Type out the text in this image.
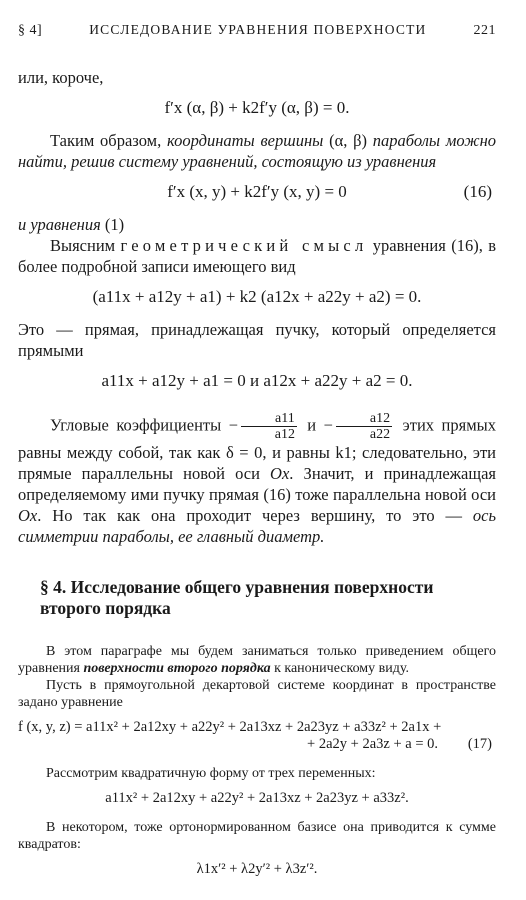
§ 4]	ИССЛЕДОВАНИЕ УРАВНЕНИЯ ПОВЕРХНОСТИ	221

или, короче,

f′x (α, β) + k2f′y (α, β) = 0.

Таким образом, координаты вершины (α, β) параболы можно найти, решив систему уравнений, состоящую из уравнения

f′x (x, y) + k2f′y (x, y) = 0	(16)

и уравнения (1)

Выясним геометрический смысл уравнения (16), в более подробной записи имеющего вид

(a11x + a12y + a1) + k2 (a12x + a22y + a2) = 0.

Это — прямая, принадлежащая пучку, который определяется прямыми

a11x + a12y + a1 = 0 и a12x + a22y + a2 = 0.

Угловые коэффициенты − $\frac{a11}{a12}$ $и - \frac{a12}{a22}$ этих прямых равны между собой, так как δ = 0, и равны k1; следовательно, эти прямые параллельны новой оси Ox. Значит, и принадлежащая определяемому ими пучку прямая (16) тоже параллельна новой оси Ox. Но так как она проходит через вершину, то это — ось симметрии параболы, ее главный диаметр.

§ 4. Исследование общего уравнения поверхности второго порядка

В этом параграфе мы будем заниматься только приведением общего уравнения поверхности второго порядка к каноническому виду.

Пусть в прямоугольной декартовой системе координат в пространстве задано уравнение

f (x, y, z) = a11x² + 2a12xy + a22y² + 2a13xz + 2a23yz + a33z² + 2a1x +
+ 2a2y + 2a3z + a = 0.	(17)

Рассмотрим квадратичную форму от трех переменных:

a11x² + 2a12xy + a22y² + 2a13xz + 2a23yz + a33z².

В некотором, тоже ортонормированном базисе она приводится к сумме квадратов:

λ1x′² + λ2y′² + λ3z′².
